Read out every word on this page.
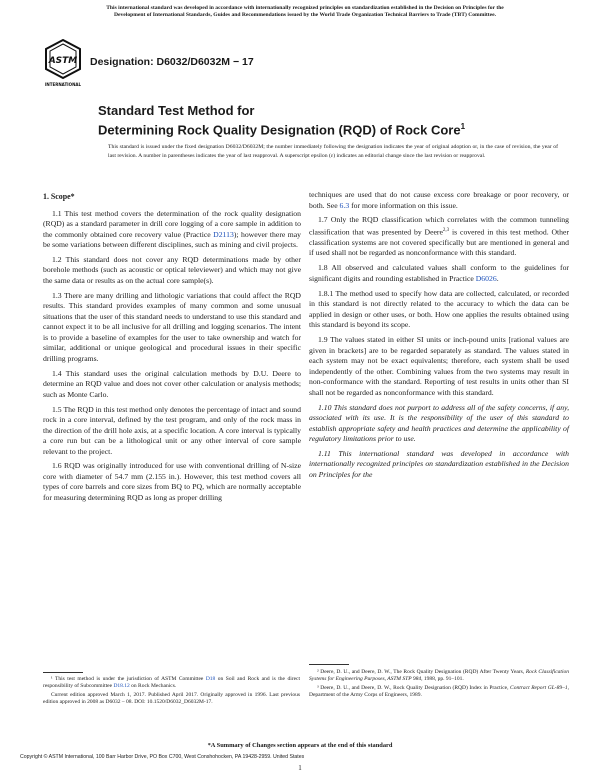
This international standard was developed in accordance with internationally recognized principles on standardization established in the Decision on Principles for the
Development of International Standards, Guides and Recommendations issued by the World Trade Organization Technical Barriers to Trade (TBT) Committee.
ASTM
INTERNATIONAL
Designation: D6032/D6032M − 17
Standard Test Method for
Determining Rock Quality Designation (RQD) of Rock Core$^1$
This standard is issued under the fixed designation D6032/D6032M; the number immediately following the designation indicates the year of original adoption or, in the case of revision, the year of last revision. A number in parentheses indicates the year of last reapproval. A superscript epsilon (ε) indicates an editorial change since the last revision or reapproval.
1. Scope*

1.1 This test method covers the determination of the rock quality designation (RQD) as a standard parameter in drill core logging of a core sample in addition to the commonly obtained core recovery value (Practice D2113); however there may be some variations between different disciplines, such as mining and civil projects.

1.2 This standard does not cover any RQD determinations made by other borehole methods (such as acoustic or optical televiewer) and which may not give the same data or results as on the actual core sample(s).

1.3 There are many drilling and lithologic variations that could affect the RQD results. This standard provides examples of many common and some unusual situations that the user of this standard needs to understand to use this standard and cannot expect it to be all inclusive for all drilling and logging scenarios. The intent is to provide a baseline of examples for the user to take ownership and watch for similar, additional or unique geological and procedural issues in their specific drilling programs.

1.4 This standard uses the original calculation methods by D.U. Deere to determine an RQD value and does not cover other calculation or analysis methods; such as Monte Carlo.

1.5 The RQD in this test method only denotes the percentage of intact and sound rock in a core interval, defined by the test program, and only of the rock mass in the direction of the drill hole axis, at a specific location. A core interval is typically a core run but can be a lithological unit or any other interval of core sample relevant to the project.

1.6 RQD was originally introduced for use with conventional drilling of N-size core with diameter of 54.7 mm (2.155 in.). However, this test method covers all types of core barrels and core sizes from BQ to PQ, which are normally acceptable for measuring determining RQD as long as proper drilling

techniques are used that do not cause excess core breakage or poor recovery, or both. See 6.3 for more information on this issue.

1.7 Only the RQD classification which correlates with the common tunneling classification that was presented by Deere$^{2,3}$ is covered in this test method. Other classification systems are not covered specifically but are mentioned in general and if used shall not be regarded as nonconformance with this standard.

1.8 All observed and calculated values shall conform to the guidelines for significant digits and rounding established in Practice D6026.

1.8.1 The method used to specify how data are collected, calculated, or recorded in this standard is not directly related to the accuracy to which the data can be applied in design or other uses, or both. How one applies the results obtained using this standard is beyond its scope.

1.9 The values stated in either SI units or inch-pound units [rational values are given in brackets] are to be regarded separately as standard. The values stated in each system may not be exact equivalents; therefore, each system shall be used independently of the other. Combining values from the two systems may result in non-conformance with the standard. Reporting of test results in units other than SI shall not be regarded as nonconformance with this standard.

1.10 This standard does not purport to address all of the safety concerns, if any, associated with its use. It is the responsibility of the user of this standard to establish appropriate safety and health practices and determine the applicability of regulatory limitations prior to use.

1.11 This international standard was developed in accordance with internationally recognized principles on standardization established in the Decision on Principles for the

¹ This test method is under the jurisdiction of ASTM Committee D18 on Soil and Rock and is the direct responsibility of Subcommittee D18.12 on Rock Mechanics.

Current edition approved March 1, 2017. Published April 2017. Originally approved in 1996. Last previous edition approved in 2008 as D6032 – 08. DOI: 10.1520/D6032_D6032M-17.

² Deere, D. U., and Deere, D. W., The Rock Quality Designation (RQD) After Twenty Years, Rock Classification Systems for Engineering Purposes, ASTM STP 984, 1988, pp. 91–101.

³ Deere, D. U., and Deere, D. W., Rock Quality Designation (RQD) Index in Practice, Contract Report GL-89–1, Department of the Army Corps of Engineers, 1989.

*A Summary of Changes section appears at the end of this standard
Copyright © ASTM International, 100 Barr Harbor Drive, PO Box C700, West Conshohocken, PA 19428-2959. United States
1
